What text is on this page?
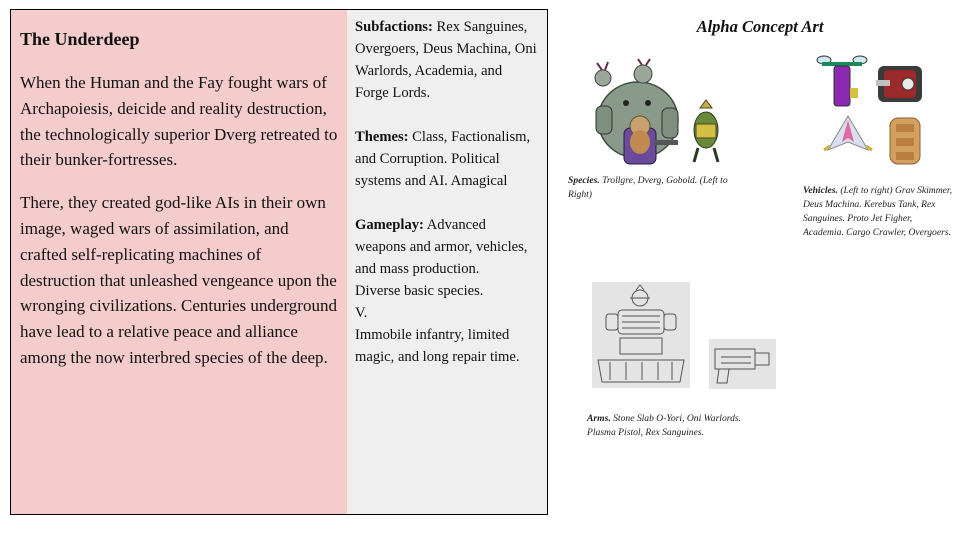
The Underdeep

When the Human and the Fay fought wars of Archapoiesis, deicide and reality destruction, the technologically superior Dverg retreated to their bunker-fortresses.

There, they created god-like AIs in their own image, waged wars of assimilation, and crafted self-replicating machines of destruction that unleashed vengeance upon the wronging civilizations. Centuries underground have lead to a relative peace and alliance among the now interbred species of the deep.

Subfactions: Rex Sanguines, Overgoers, Deus Machina, Oni Warlords, Academia, and Forge Lords.
Themes: Class, Factionalism, and Corruption. Political systems and AI. Amagical
Gameplay: Advanced weapons and armor, vehicles, and mass production.
Diverse basic species.
V.
Immobile infantry, limited magic, and long repair time.
Alpha Concept Art
Species. Trollgre, Dverg, Gobold. (Left to Right)	Vehicles. (Left to right) Grav Skimmer, Deus Machina. Kerebus Tank, Rex Sanguines. Proto Jet Figher, Academia. Cargo Crawler, Overgoers.
Arms. Stone Slab O-Yori, Oni Warlords. Plasma Pistol, Rex Sanguines.
